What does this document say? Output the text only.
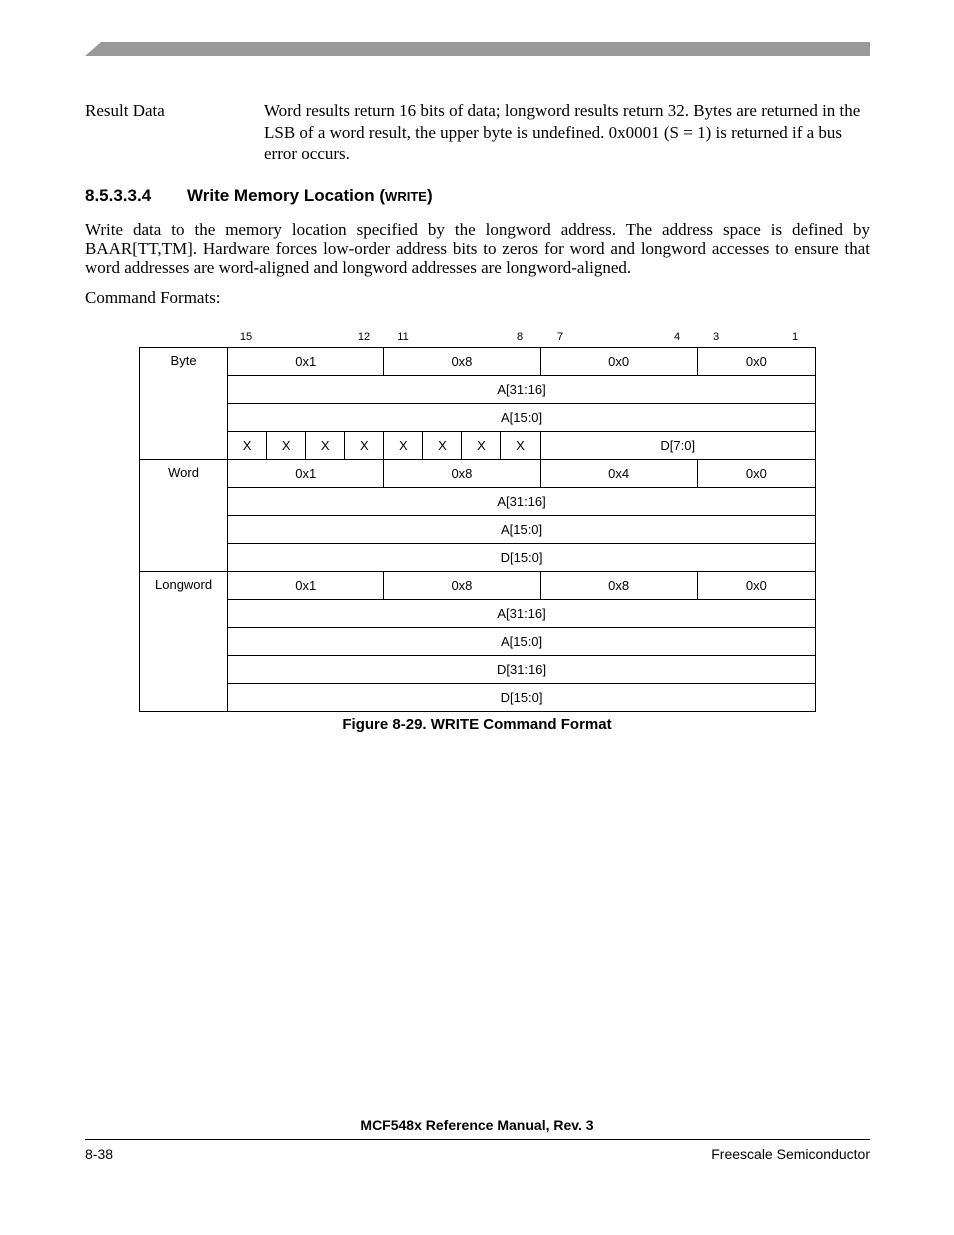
Result Data	Word results return 16 bits of data; longword results return 32. Bytes are returned in the LSB of a word result, the upper byte is undefined. 0x0001 (S = 1) is returned if a bus error occurs.
8.5.3.3.4 Write Memory Location (WRITE)
Write data to the memory location specified by the longword address. The address space is defined by BAAR[TT,TM]. Hardware forces low-order address bits to zeros for word and longword accesses to ensure that word addresses are word-aligned and longword addresses are longword-aligned.
Command Formats:
15	12	11	8	7	4	3	1
Byte	0x1				0x8				0x0	0x0
	A[31:16]									
	A[15:0]									
	X	X	X	X	X	X	X	X	D[7:0]	
Word	0x1				0x8				0x4	0x0
	A[31:16]									
	A[15:0]									
	D[15:0]									
Longword	0x1				0x8				0x8	0x0
	A[31:16]									
	A[15:0]									
	D[31:16]									
	D[15:0]									
Figure 8-29. WRITE Command Format
MCF548x Reference Manual, Rev. 3
8-38	Freescale Semiconductor
